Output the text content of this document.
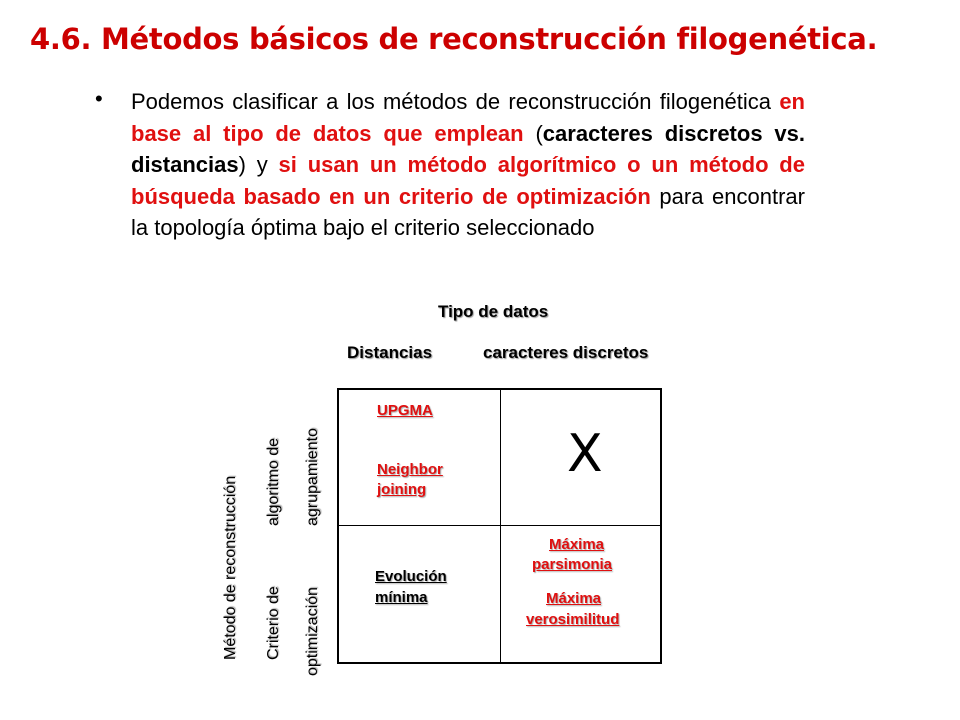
4.6. Métodos básicos de reconstrucción filogenética.
• Podemos clasificar a los métodos de reconstrucción filogenética en base al tipo de datos que emplean (caracteres discretos vs. distancias) y si usan un método algorítmico o un método de búsqueda basado en un criterio de optimización para encontrar la topología óptima bajo el criterio seleccionado
Tipo de datos
Distancias	caracteres discretos
Método de reconstrucción algoritmo de agrupamiento
Criterio de optimización
UPGMA
Neighbor
joining
X
Evolución
mínima
Máxima
parsimonia
Máxima
verosimilitud
